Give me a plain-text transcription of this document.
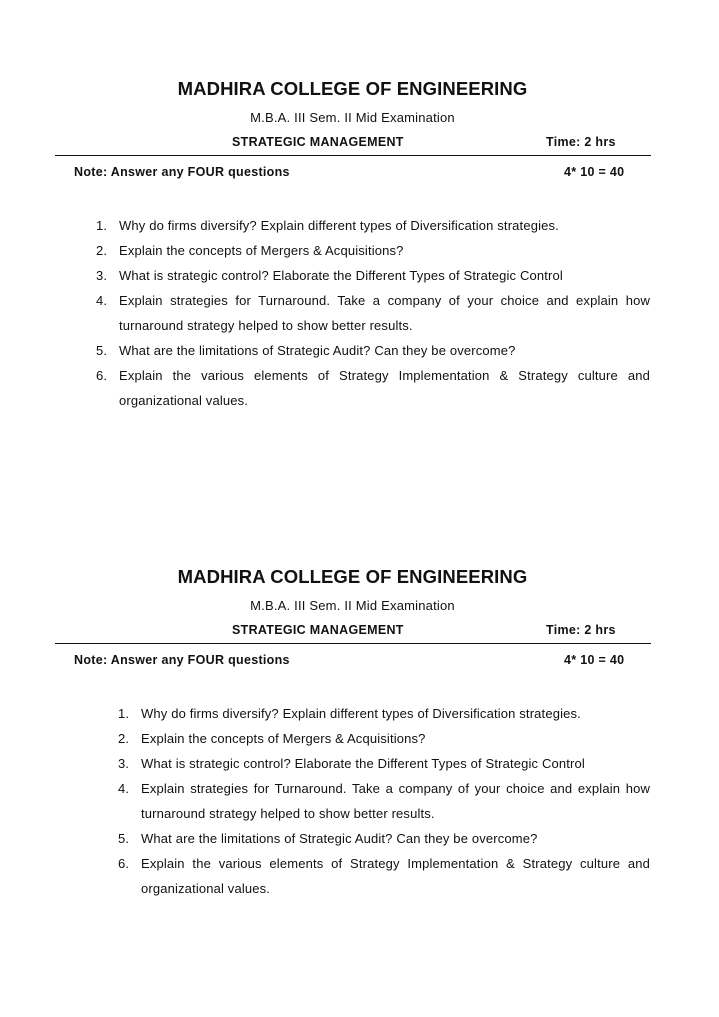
MADHIRA COLLEGE OF ENGINEERING
M.B.A. III Sem. II Mid Examination
STRATEGIC MANAGEMENT	Time: 2 hrs
Note: Answer any FOUR questions	4* 10 = 40
1. Why do firms diversify? Explain different types of Diversification strategies.
2. Explain the concepts of Mergers & Acquisitions?
3. What is strategic control? Elaborate the Different Types of Strategic Control
4. Explain strategies for Turnaround. Take a company of your choice and explain how turnaround strategy helped to show better results.
5. What are the limitations of Strategic Audit? Can they be overcome?
6. Explain the various elements of Strategy Implementation & Strategy culture and organizational values.
MADHIRA COLLEGE OF ENGINEERING
M.B.A. III Sem. II Mid Examination
STRATEGIC MANAGEMENT	Time: 2 hrs
Note: Answer any FOUR questions	4* 10 = 40
1. Why do firms diversify? Explain different types of Diversification strategies.
2. Explain the concepts of Mergers & Acquisitions?
3. What is strategic control? Elaborate the Different Types of Strategic Control
4. Explain strategies for Turnaround. Take a company of your choice and explain how turnaround strategy helped to show better results.
5. What are the limitations of Strategic Audit? Can they be overcome?
6. Explain the various elements of Strategy Implementation & Strategy culture and organizational values.
